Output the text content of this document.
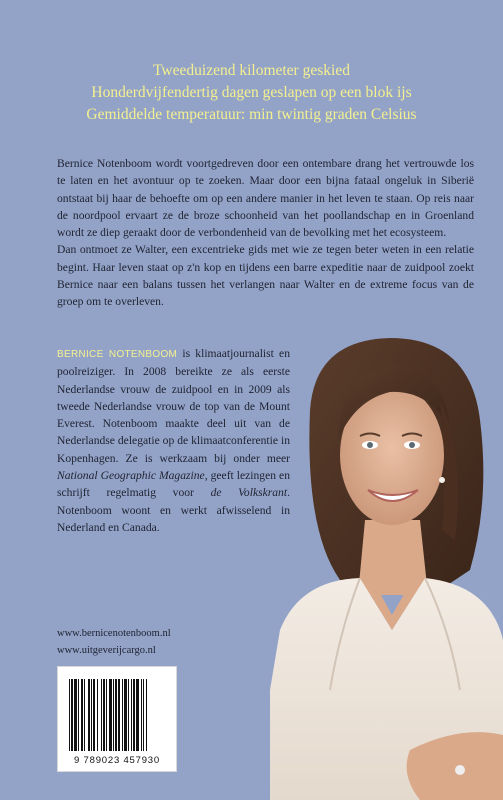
Tweeduizend kilometer geskied
Honderdvijfendertig dagen geslapen op een blok ijs
Gemiddelde temperatuur: min twintig graden Celsius

Bernice Notenboom wordt voortgedreven door een ontembare drang het vertrouwde los te laten en het avontuur op te zoeken. Maar door een bijna fataal ongeluk in Siberië ontstaat bij haar de behoefte om op een andere manier in het leven te staan. Op reis naar de noordpool ervaart ze de broze schoonheid van het poollandschap en in Groenland wordt ze diep geraakt door de verbondenheid van de bevolking met het ecosysteem.

Dan ontmoet ze Walter, een excentrieke gids met wie ze tegen beter weten in een relatie begint. Haar leven staat op z'n kop en tijdens een barre expeditie naar de zuidpool zoekt Bernice naar een balans tussen het verlangen naar Walter en de extreme focus van de groep om te overleven.

BERNICE NOTENBOOM is klimaatjournalist en poolreiziger. In 2008 bereikte ze als eerste Nederlandse vrouw de zuidpool en in 2009 als tweede Nederlandse vrouw de top van de Mount Everest. Notenboom maakte deel uit van de Nederlandse delegatie op de klimaatconferentie in Kopenhagen. Ze is werkzaam bij onder meer National Geographic Magazine, geeft lezingen en schrijft regelmatig voor de Volkskrant. Notenboom woont en werkt afwisselend in Nederland en Canada.
www.bernicenotenboom.nl
www.uitgeverijcargo.nl
9 789023 457930
